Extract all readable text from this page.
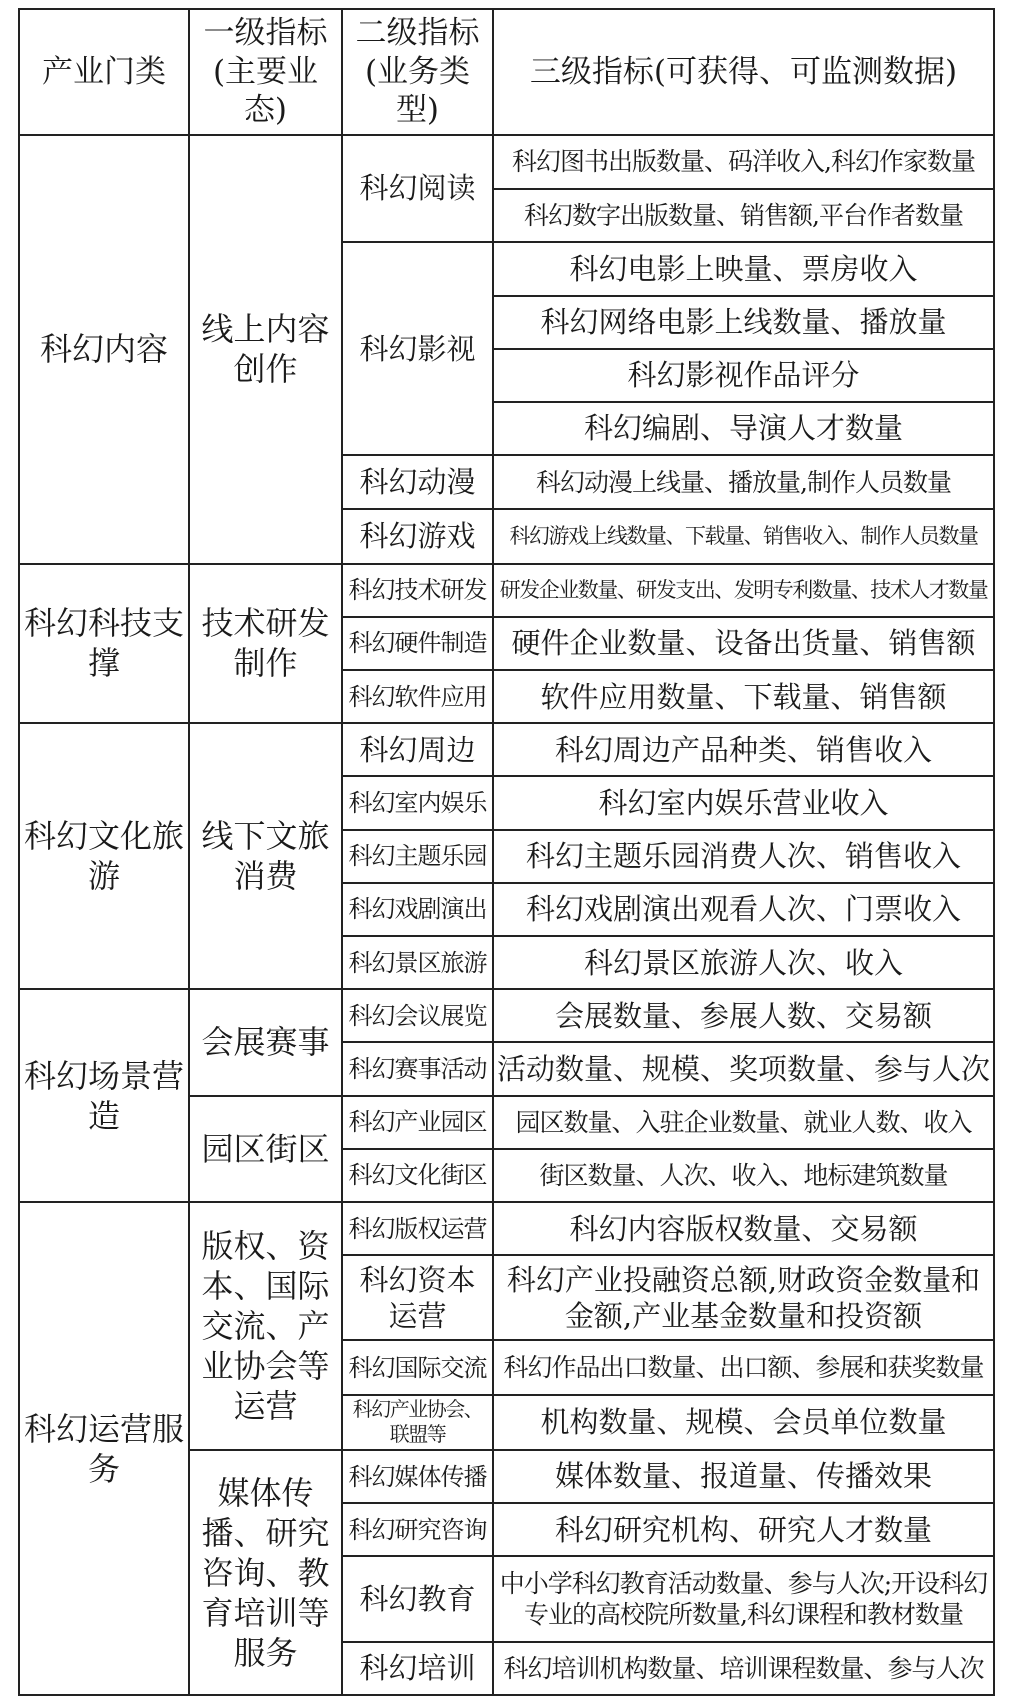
产业门类	一级指标(主要业态)	二级指标(业务类型)	三级指标(可获得、可监测数据)
科幻内容	线上内容创作	科幻阅读	科幻图书出版数量、码洋收入,科幻作家数量
			科幻数字出版数量、销售额,平台作者数量
		科幻影视	科幻电影上映量、票房收入
			科幻网络电影上线数量、播放量
			科幻影视作品评分
			科幻编剧、导演人才数量
		科幻动漫	科幻动漫上线量、播放量,制作人员数量
		科幻游戏	科幻游戏上线数量、下载量、销售收入、制作人员数量
科幻科技支撑	技术研发制作	科幻技术研发	研发企业数量、研发支出、发明专利数量、技术人才数量
		科幻硬件制造	硬件企业数量、设备出货量、销售额
		科幻软件应用	软件应用数量、下载量、销售额
科幻文化旅游	线下文旅消费	科幻周边	科幻周边产品种类、销售收入
		科幻室内娱乐	科幻室内娱乐营业收入
		科幻主题乐园	科幻主题乐园消费人次、销售收入
		科幻戏剧演出	科幻戏剧演出观看人次、门票收入
		科幻景区旅游	科幻景区旅游人次、收入
科幻场景营造	会展赛事	科幻会议展览	会展数量、参展人数、交易额
		科幻赛事活动	活动数量、规模、奖项数量、参与人次
	园区街区	科幻产业园区	园区数量、入驻企业数量、就业人数、收入
		科幻文化街区	街区数量、人次、收入、地标建筑数量
科幻运营服务	版权、资本、国际交流、产业协会等运营	科幻版权运营	科幻内容版权数量、交易额
		科幻资本运营	科幻产业投融资总额,财政资金数量和金额,产业基金数量和投资额
		科幻国际交流	科幻作品出口数量、出口额、参展和获奖数量
		科幻产业协会、联盟等	机构数量、规模、会员单位数量
	媒体传播、研究咨询、教育培训等服务	科幻媒体传播	媒体数量、报道量、传播效果
		科幻研究咨询	科幻研究机构、研究人才数量
		科幻教育	中小学科幻教育活动数量、参与人次;开设科幻专业的高校院所数量,科幻课程和教材数量
		科幻培训	科幻培训机构数量、培训课程数量、参与人次
